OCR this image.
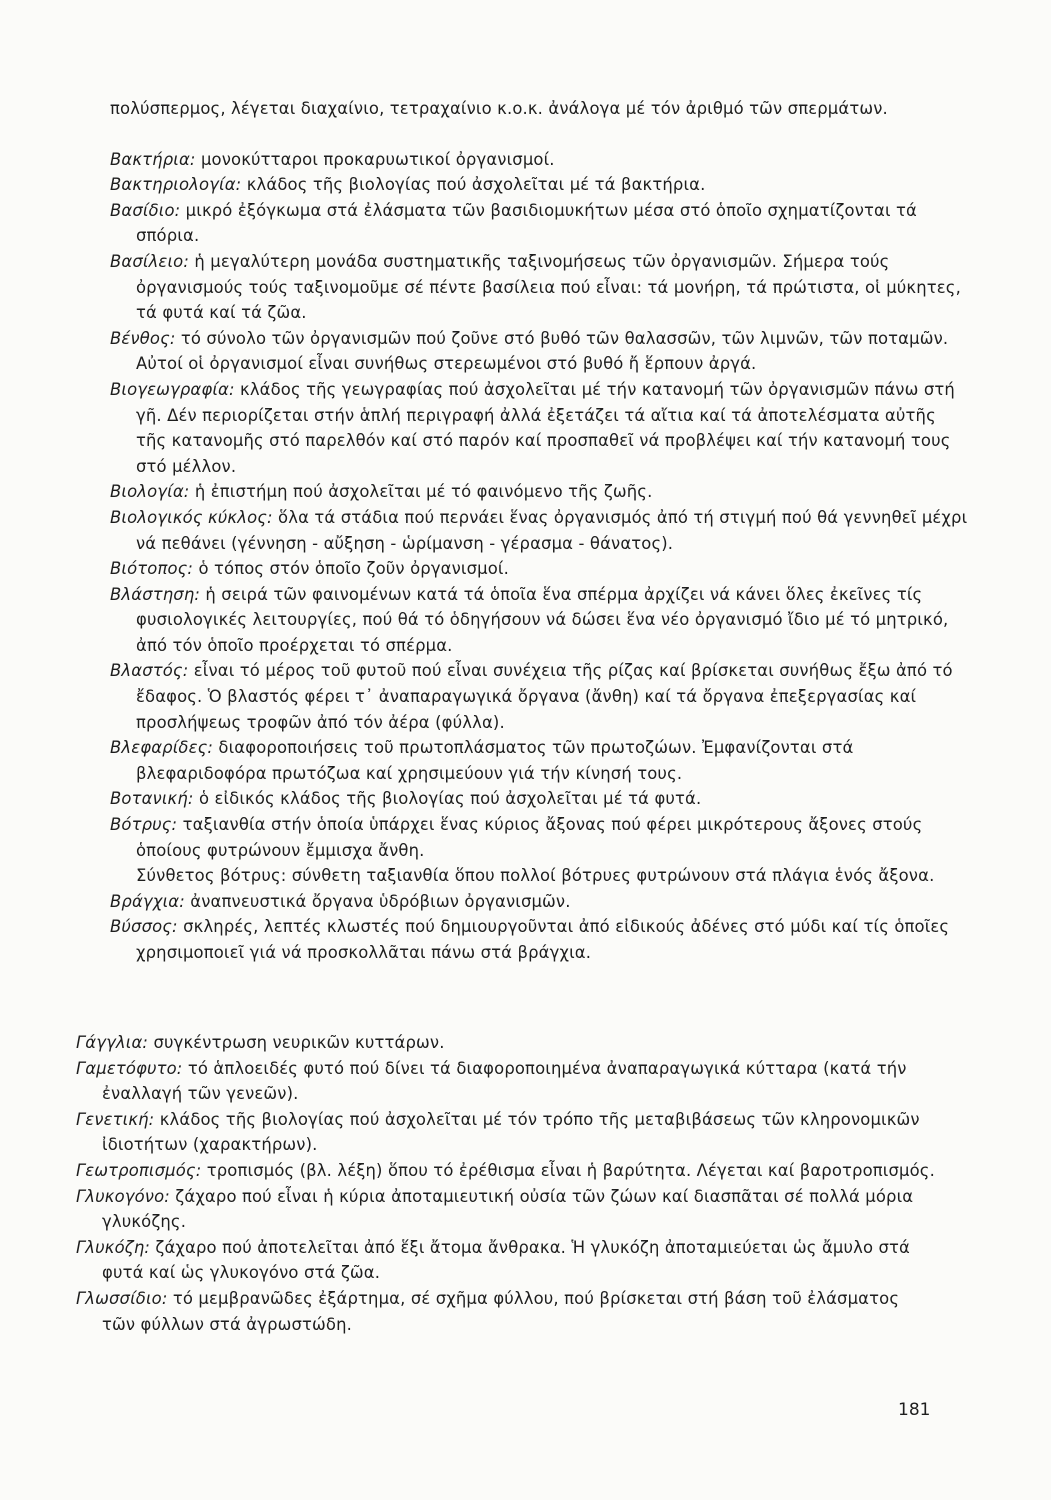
πολύσπερμος, λέγεται διαχαίνιο, τετραχαίνιο κ.ο.κ. ἀνάλογα μέ τόν ἀριθμό τῶν σπερμάτων.

Βακτήρια: μονοκύτταροι προκαρυωτικοί ὀργανισμοί.

Βακτηριολογία: κλάδος τῆς βιολογίας πού ἀσχολεῖται μέ τά βακτήρια.

Βασίδιο: μικρό ἐξόγκωμα στά ἐλάσματα τῶν βασιδιομυκήτων μέσα στό ὁποῖο σχηματίζονται τά σπόρια.

Βασίλειο: ἡ μεγαλύτερη μονάδα συστηματικῆς ταξινομήσεως τῶν ὀργανισμῶν. Σήμερα τούς ὀργανισμούς τούς ταξινομοῦμε σέ πέντε βασίλεια πού εἶναι: τά μονήρη, τά πρώτιστα, οἱ μύκητες, τά φυτά καί τά ζῶα.

Βένθος: τό σύνολο τῶν ὀργανισμῶν πού ζοῦνε στό βυθό τῶν θαλασσῶν, τῶν λιμνῶν, τῶν ποταμῶν. Αὐτοί οἱ ὀργανισμοί εἶναι συνήθως στερεωμένοι στό βυθό ἤ ἕρπουν ἀργά.

Βιογεωγραφία: κλάδος τῆς γεωγραφίας πού ἀσχολεῖται μέ τήν κατανομή τῶν ὀργανισμῶν πάνω στή γῆ. Δέν περιορίζεται στήν ἁπλή περιγραφή ἀλλά ἐξετάζει τά αἴτια καί τά ἀποτελέσματα αὐτῆς τῆς κατανομῆς στό παρελθόν καί στό παρόν καί προσπαθεῖ νά προβλέψει καί τήν κατανομή τους στό μέλλον.

Βιολογία: ἡ ἐπιστήμη πού ἀσχολεῖται μέ τό φαινόμενο τῆς ζωῆς.

Βιολογικός κύκλος: ὅλα τά στάδια πού περνάει ἕνας ὀργανισμός ἀπό τή στιγμή πού θά γεννηθεῖ μέχρι νά πεθάνει (γέννηση - αὔξηση - ὡρίμανση - γέρασμα - θάνατος).

Βιότοπος: ὁ τόπος στόν ὁποῖο ζοῦν ὀργανισμοί.

Βλάστηση: ἡ σειρά τῶν φαινομένων κατά τά ὁποῖα ἕνα σπέρμα ἀρχίζει νά κάνει ὅλες ἐκεῖνες τίς φυσιολογικές λειτουργίες, πού θά τό ὁδηγήσουν νά δώσει ἕνα νέο ὀργανισμό ἴδιο μέ τό μητρικό, ἀπό τόν ὁποῖο προέρχεται τό σπέρμα.

Βλαστός: εἶναι τό μέρος τοῦ φυτοῦ πού εἶναι συνέχεια τῆς ρίζας καί βρίσκεται συνήθως ἔξω ἀπό τό ἔδαφος. Ὁ βλαστός φέρει τ᾽ ἀναπαραγωγικά ὄργανα (ἄνθη) καί τά ὄργανα ἐπεξεργασίας καί προσλήψεως τροφῶν ἀπό τόν ἀέρα (φύλλα).

Βλεφαρίδες: διαφοροποιήσεις τοῦ πρωτοπλάσματος τῶν πρωτοζώων. Ἐμφανίζονται στά βλεφαριδοφόρα πρωτόζωα καί χρησιμεύουν γιά τήν κίνησή τους.

Βοτανική: ὁ εἰδικός κλάδος τῆς βιολογίας πού ἀσχολεῖται μέ τά φυτά.

Βότρυς: ταξιανθία στήν ὁποία ὑπάρχει ἕνας κύριος ἄξονας πού φέρει μικρότερους ἄξονες στούς ὁποίους φυτρώνουν ἔμμισχα ἄνθη.

Σύνθετος βότρυς: σύνθετη ταξιανθία ὅπου πολλοί βότρυες φυτρώνουν στά πλάγια ἑνός ἄξονα.

Βράγχια: ἀναπνευστικά ὄργανα ὑδρόβιων ὀργανισμῶν.

Βύσσος: σκληρές, λεπτές κλωστές πού δημιουργοῦνται ἀπό εἰδικούς ἀδένες στό μύδι καί τίς ὁποῖες χρησιμοποιεῖ γιά νά προσκολλᾶται πάνω στά βράγχια.

Γάγγλια: συγκέντρωση νευρικῶν κυττάρων.

Γαμετόφυτο: τό ἁπλοειδές φυτό πού δίνει τά διαφοροποιημένα ἀναπαραγωγικά κύτταρα (κατά τήν ἐναλλαγή τῶν γενεῶν).

Γενετική: κλάδος τῆς βιολογίας πού ἀσχολεῖται μέ τόν τρόπο τῆς μεταβιβάσεως τῶν κληρονομικῶν ἰδιοτήτων (χαρακτήρων).

Γεωτροπισμός: τροπισμός (βλ. λέξη) ὅπου τό ἐρέθισμα εἶναι ἡ βαρύτητα. Λέγεται καί βαροτροπισμός.

Γλυκογόνο: ζάχαρο πού εἶναι ἡ κύρια ἀποταμιευτική οὐσία τῶν ζώων καί διασπᾶται σέ πολλά μόρια γλυκόζης.

Γλυκόζη: ζάχαρο πού ἀποτελεῖται ἀπό ἕξι ἄτομα ἄνθρακα. Ἡ γλυκόζη ἀποταμιεύεται ὡς ἄμυλο στά φυτά καί ὡς γλυκογόνο στά ζῶα.

Γλωσσίδιο: τό μεμβρανῶδες ἐξάρτημα, σέ σχῆμα φύλλου, πού βρίσκεται στή βάση τοῦ ἐλάσματος τῶν φύλλων στά ἀγρωστώδη.

181
